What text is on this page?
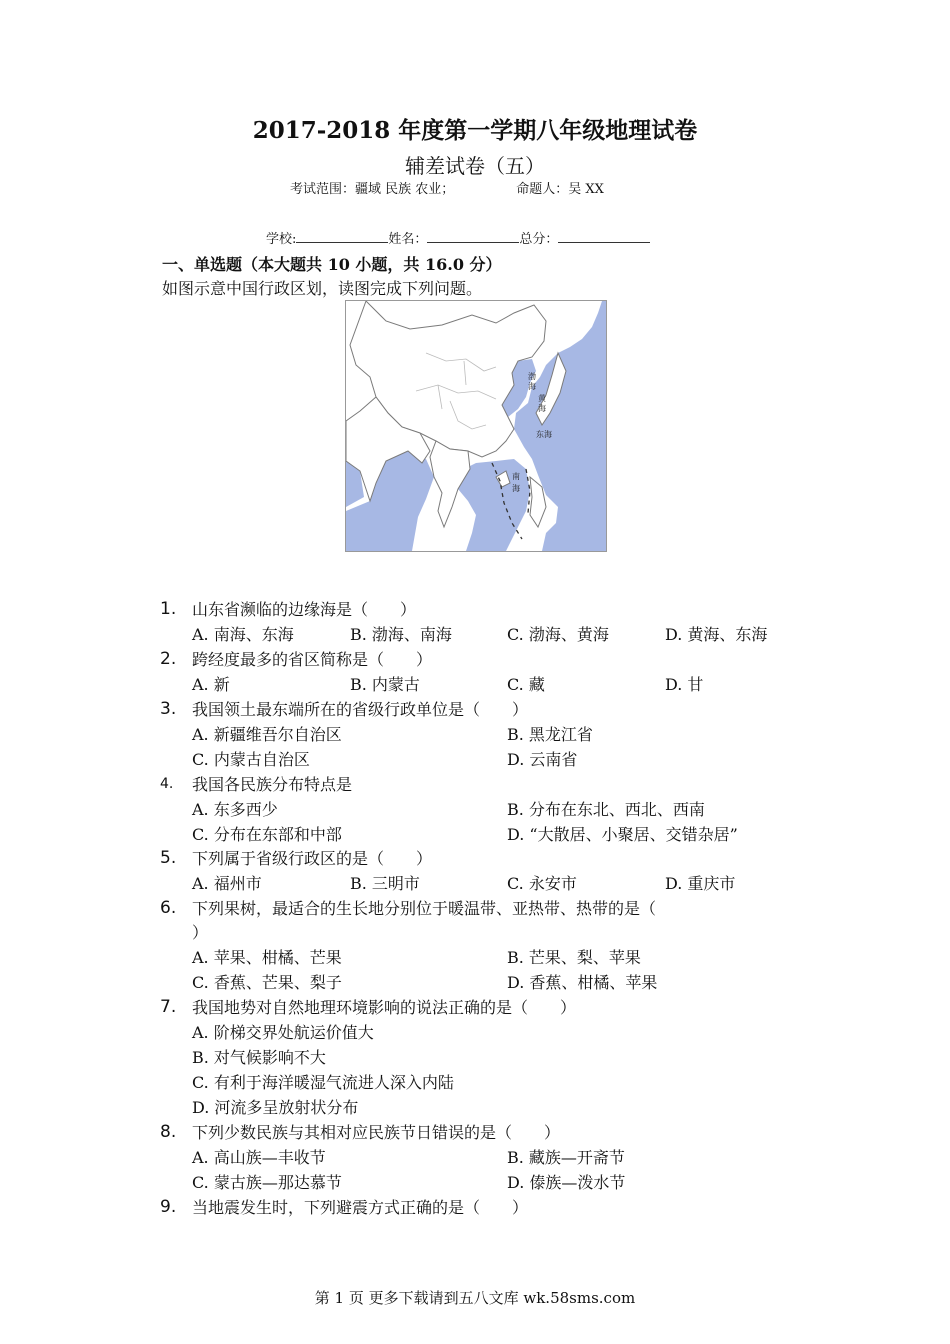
2017-2018 年度第一学期八年级地理试卷
辅差试卷（五）
考试范围：疆域 民族 农业；	命题人：吴 XX
学校:	姓名：	总分：
一、单选题（本大题共 10 小题，共 16.0 分）
如图示意中国行政区划，读图完成下列问题。
渤
海
黄
海
东海
南
海
1. 山东省濒临的边缘海是（　　）
A. 南海、东海	B. 渤海、南海	C. 渤海、黄海	D. 黄海、东海
2. 跨经度最多的省区简称是（　　）
A. 新	B. 内蒙古	C. 藏	D. 甘
3. 我国领土最东端所在的省级行政单位是（　　）
A. 新疆维吾尔自治区	B. 黑龙江省
C. 内蒙古自治区	D. 云南省
4. 我国各民族分布特点是
A. 东多西少	B. 分布在东北、西北、西南
C. 分布在东部和中部	D. “大散居、小聚居、交错杂居”
5. 下列属于省级行政区的是（　　）
A. 福州市	B. 三明市	C. 永安市	D. 重庆市
6. 下列果树，最适合的生长地分别位于暖温带、亚热带、热带的是（
）
A. 苹果、柑橘、芒果	B. 芒果、梨、苹果
C. 香蕉、芒果、梨子	D. 香蕉、柑橘、苹果
7. 我国地势对自然地理环境影响的说法正确的是（　　）
A. 阶梯交界处航运价值大
B. 对气候影响不大
C. 有利于海洋暖湿气流进人深入内陆
D. 河流多呈放射状分布
8. 下列少数民族与其相对应民族节日错误的是（　　）
A. 高山族—丰收节	B. 藏族—开斋节
C. 蒙古族—那达慕节	D. 傣族—泼水节
9. 当地震发生时，下列避震方式正确的是（　　）
第 1 页 更多下载请到五八文库 wk.58sms.com
